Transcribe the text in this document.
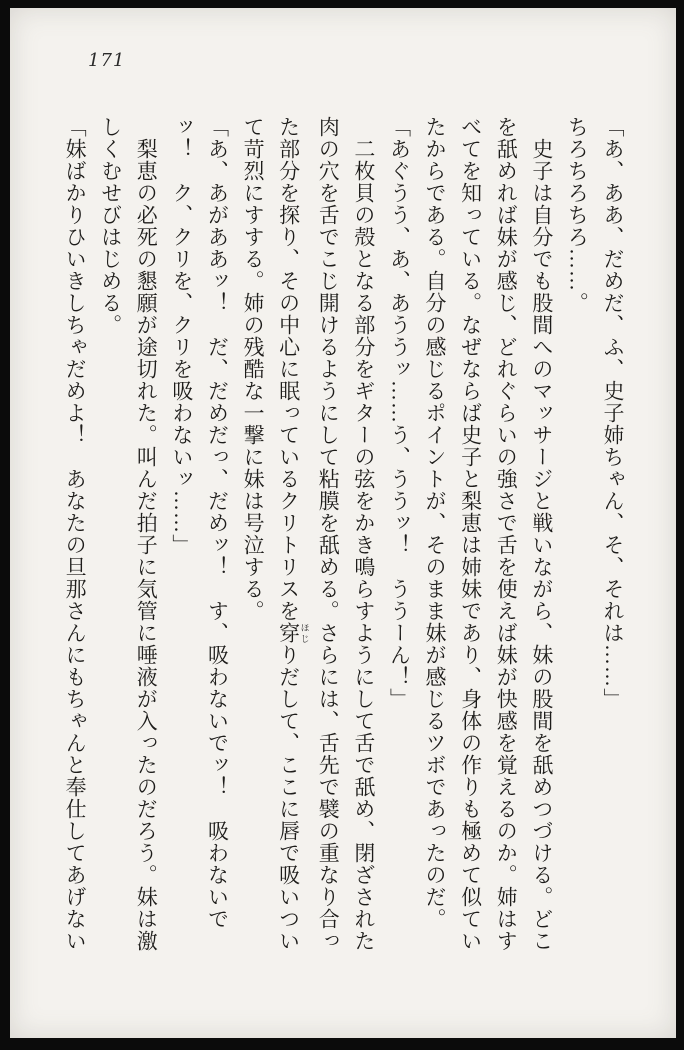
171
「あ、ああ、だめだ、ふ、史子姉ちゃん、そ、それは……」
ちろちろちろ……。
　史子は自分でも股間へのマッサージと戦いながら、妹の股間を舐めつづける。どこ
を舐めれば妹が感じ、どれぐらいの強さで舌を使えば妹が快感を覚えるのか。姉はす
べてを知っている。なぜならば史子と梨恵は姉妹であり、身体の作りも極めて似てい
たからである。自分の感じるポイントが、そのまま妹が感じるツボであったのだ。
「あぐうう、あ、あううッ……う、ううッ！　ううーん！」
　二枚貝の殻となる部分をギターの弦をかき鳴らすようにして舌で舐め、閉ざされた
肉の穴を舌でこじ開けるようにして粘膜を舐める。さらには、舌先で襞の重なり合っ
た部分を探り、その中心に眠っているクリトリスを穿 ほじりだして、ここに唇で吸いつい
て苛烈にすする。姉の残酷な一撃に妹は号泣する。
「あ、あがああッ！　だ、だめだっ、だめッ！　す、吸わないでッ！　吸わないで
ッ！　ク、クリを、クリを吸わないッ……」
　梨恵の必死の懇願が途切れた。叫んだ拍子に気管に唾液が入ったのだろう。妹は激
しくむせびはじめる。
「妹ばかりひいきしちゃだめよ！　あなたの旦那さんにもちゃんと奉仕してあげない
